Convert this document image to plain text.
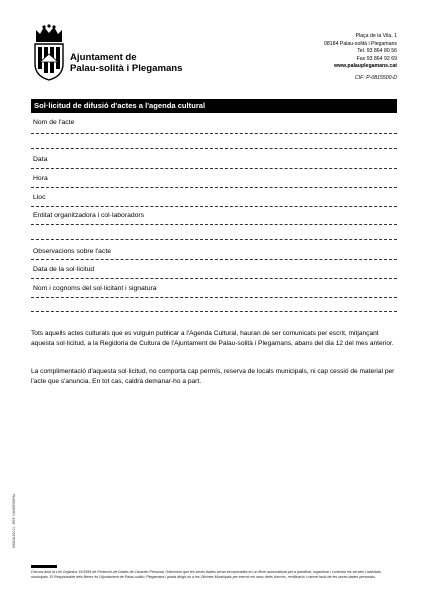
Ajuntament de
Palau-solità i Plegamans
Plaça de la Vila, 1
08184 Palau-solità i Plegamans
Tel. 93 864 80 56
Fax 93 864 92 69
www.palauplegamans.cat
CIF: P-0815500-D
Sol·licitud de difusió d'actes a l'agenda cultural
Nom de l'acte
Data
Hora
Lloc
Entitat organitzadora i col·laboradors
Observacions sobre l'acte
Data de la sol·licitud
Nom i cognoms del sol·licitant i signatura
Tots aquells actes culturals que es vulguin publicar a l'Agenda Cultural, hauran de ser comunicats per escrit, mitjançant aquesta sol·licitud, a la Regidoria de Cultura de l'Ajuntament de Palau-solità i Plegamans, abans del dia 12 del mes anterior.
La complimentació d'aquesta sol·licitud, no comporta cap permís, reserva de locals municipals, ni cap cessió de material per l'acte que s'anuncia. En tot cas, caldrà demanar-ho a part.
MOD/AJ/2011 - REF. NUMERO/PAL
D'acord amb la Llei Orgànica 15/1999 de Protecció de Dades de Caràcter Personal, l'informem que les seves dades seran incorporades en un fitxer automatitzat per a planificar, organitzar i controlar els serveis i activitats municipals. El Responsable dels fitxers és l'Ajuntament de Palau-solità i Plegamans i podrà dirigir-se a les Oficines Municipals per exercir els seus drets d'accés, rectificació i cancel·lació de les seves dades personals.
